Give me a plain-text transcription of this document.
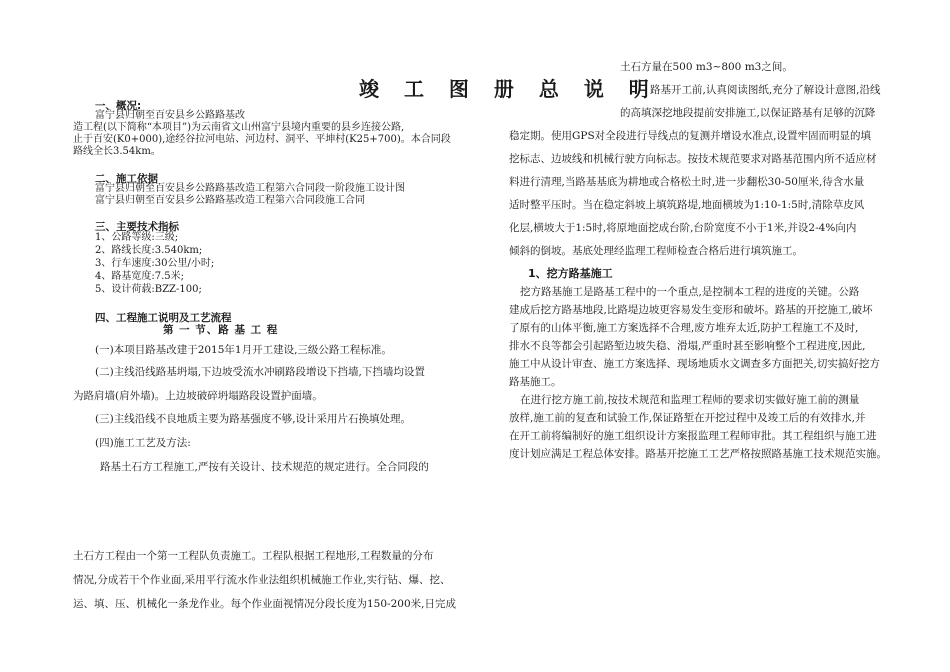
竣 工 图 册 总 说 明
一、概况:
富宁县归朝至百安县乡公路路基改
造工程(以下简称“本项目”)为云南省文山州富宁县境内重要的县乡连接公路,
止于百安(K0+000),途经谷拉河电站、河边村、洞平、平坤村(K25+700)。本合同段
路线全长3.54km。
二、施工依据
富宁县归朝至百安县乡公路路基改造工程第六合同段一阶段施工设计图
富宁县归朝至百安县乡公路路基改造工程第六合同段施工合同
三、主要技术指标
1、公路等级:三级;
2、路线长度:3.540km;
3、行车速度:30公里/小时;
4、路基宽度:7.5米;
5、设计荷载:BZZ-100;
四、工程施工说明及工艺流程
第 一 节、路 基 工 程
(一)本项目路基改建于2015年1月开工建设,三级公路工程标准。
(二)主线沿线路基坍塌,下边坡受流水冲刷路段增设下挡墙,下挡墙均设置
为路肩墙(肩外墙)。上边坡破碎坍塌路段设置护面墙。
(三)主线沿线不良地质主要为路基强度不够,设计采用片石换填处理。
(四)施工工艺及方法:
路基土石方工程施工,严按有关设计、技术规范的规定进行。全合同段的
土石方工程由一个第一工程队负责施工。工程队根据工程地形,工程数量的分布
情况,分成若干个作业面,采用平行流水作业法组织机械施工作业,实行钻、爆、挖、
运、填、压、机械化一条龙作业。每个作业面视情况分段长度为150-200米,日完成
土石方量在500 m3~800 m3之间。
路基开工前,认真阅读图纸,充分了解设计意图,沿线
的高填深挖地段提前安排施工,以保证路基有足够的沉降
稳定期。使用GPS对全段进行导线点的复测并增设水准点,设置牢固而明显的填
挖标志、边坡线和机械行驶方向标志。按技术规范要求对路基范围内所不适应材
料进行清理,当路基基底为耕地或合格松土时,进一步翻松30-50厘米,待含水量
适时整平压时。当在稳定斜坡上填筑路堤,地面横坡为1:10-1:5时,清除草皮风
化层,横坡大于1:5时,将原地面挖成台阶,台阶宽度不小于1米,并设2-4%向内
倾斜的倒坡。基底处理经监理工程师检查合格后进行填筑施工。
1、挖方路基施工
挖方路基施工是路基工程中的一个重点,是控制本工程的进度的关键。公路
建成后挖方路基地段,比路堤边坡更容易发生变形和破坏。路基的开挖施工,破坏
了原有的山体平衡,施工方案选择不合理,废方堆弃太近,防护工程施工不及时,
排水不良等都会引起路堑边坡失稳、滑塌,严重时甚至影响整个工程进度,因此,
施工中从设计审查、施工方案选择、现场地质水文调查多方面把关,切实搞好挖方
路基施工。
在进行挖方施工前,按技术规范和监理工程师的要求切实做好施工前的测量
放样,施工前的复查和试验工作,保证路堑在开挖过程中及竣工后的有效排水,并
在开工前将编制好的施工组织设计方案报监理工程师审批。其工程组织与施工进
度计划应满足工程总体安排。路基开挖施工工艺严格按照路基施工技术规范实施。
